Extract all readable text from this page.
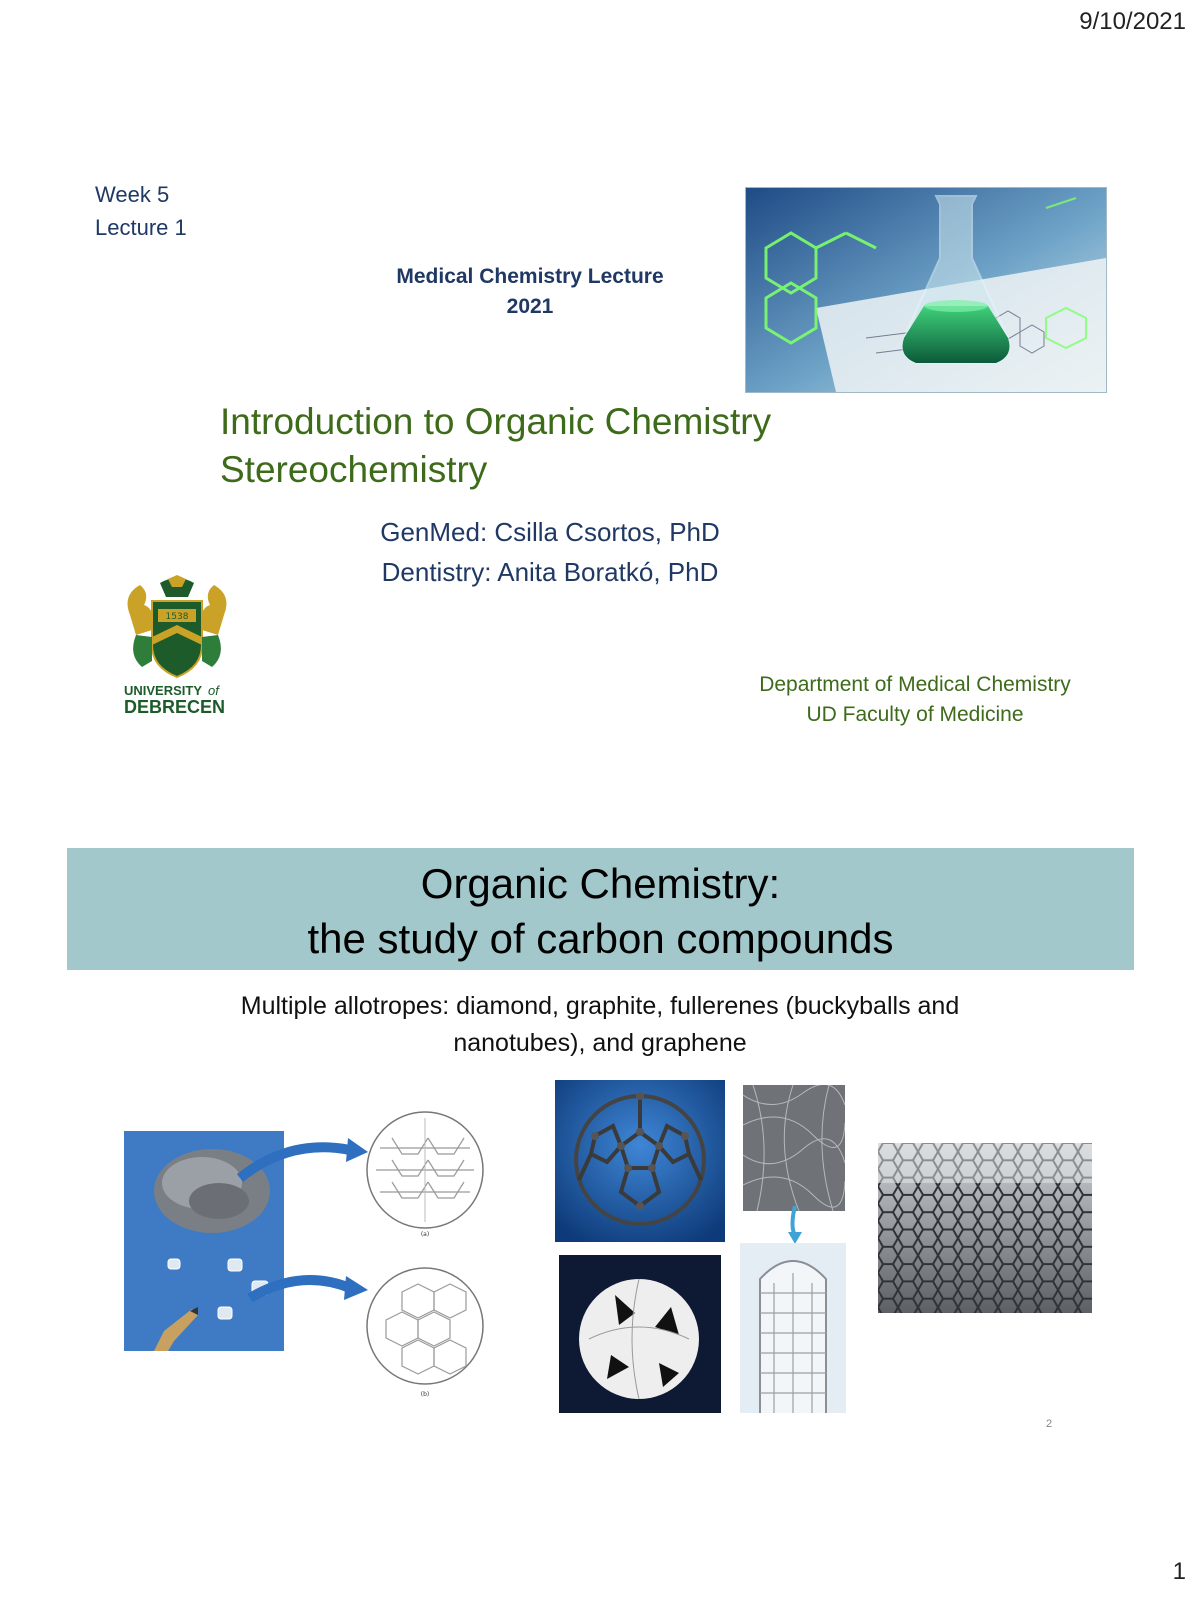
9/10/2021
1
Week 5
Lecture 1
Medical Chemistry Lecture
2021
Introduction to Organic Chemistry
Stereochemistry
GenMed: Csilla Csortos, PhD
Dentistry: Anita Boratkó, PhD
1538
UNIVERSITY of
DEBRECEN
Department of Medical Chemistry
UD Faculty of Medicine
Organic Chemistry:
the study of carbon compounds
Multiple allotropes: diamond, graphite, fullerenes (buckyballs and
nanotubes), and graphene
(a)
(b)
2
